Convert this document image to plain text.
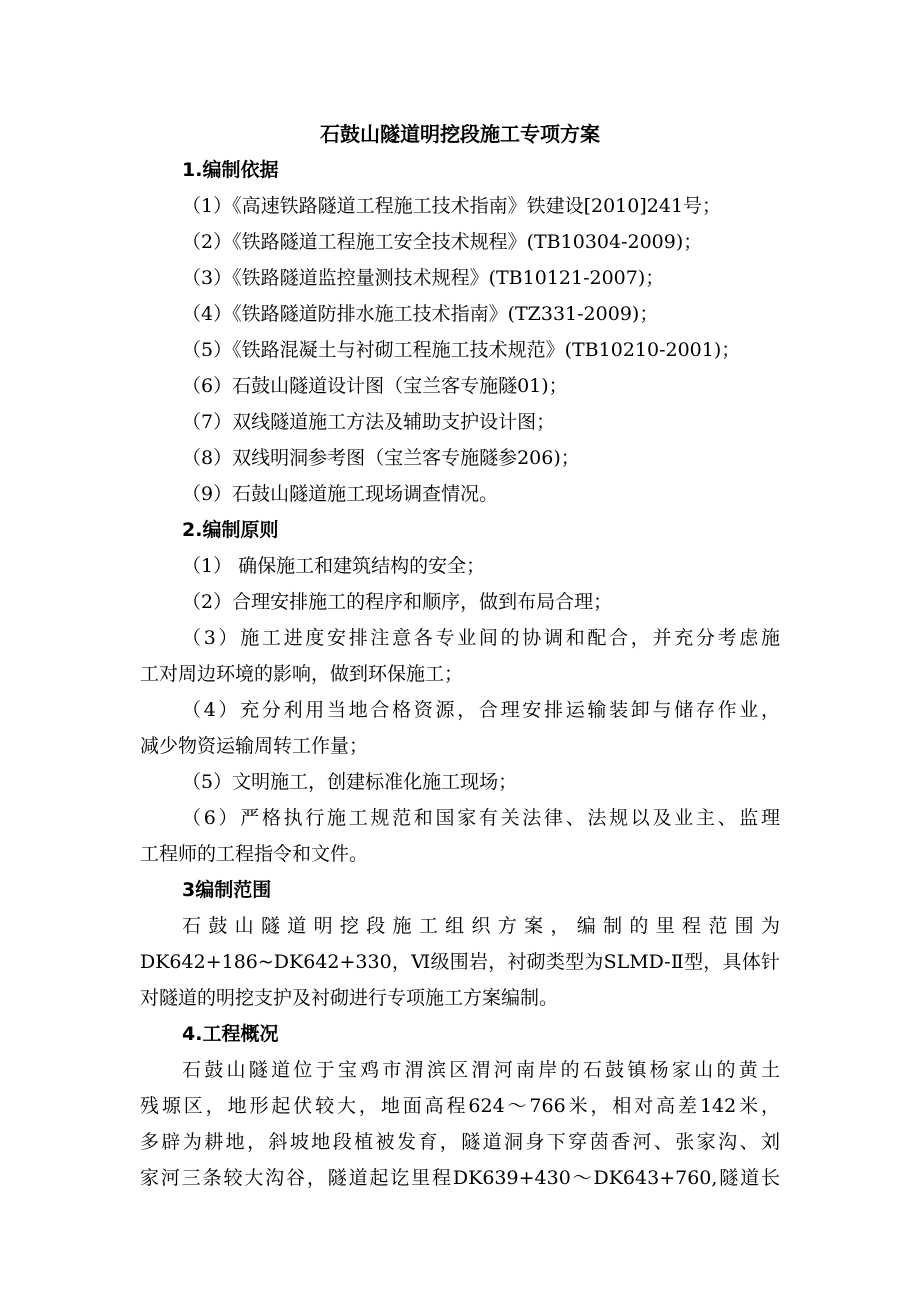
石鼓山隧道明挖段施工专项方案
1.编制依据
（1）《高速铁路隧道工程施工技术指南》铁建设[2010]241号；
（2）《铁路隧道工程施工安全技术规程》(TB10304-2009)；
（3）《铁路隧道监控量测技术规程》(TB10121-2007)；
（4）《铁路隧道防排水施工技术指南》(TZ331-2009)；
（5）《铁路混凝土与衬砌工程施工技术规范》(TB10210-2001)；
（6）石鼓山隧道设计图（宝兰客专施隧01)；
（7）双线隧道施工方法及辅助支护设计图；
（8）双线明洞参考图（宝兰客专施隧参206)；
（9）石鼓山隧道施工现场调查情况。
2.编制原则
（1） 确保施工和建筑结构的安全；
（2）合理安排施工的程序和顺序，做到布局合理；
（3）施工进度安排注意各专业间的协调和配合，并充分考虑施
工对周边环境的影响，做到环保施工；
（4）充分利用当地合格资源，合理安排运输装卸与储存作业，
减少物资运输周转工作量；
（5）文明施工，创建标准化施工现场；
（6）严格执行施工规范和国家有关法律、法规以及业主、监理
工程师的工程指令和文件。
3编制范围
石鼓山隧道明挖段施工组织方案，编制的里程范围为
DK642+186~DK642+330，Ⅵ级围岩，衬砌类型为SLMD-Ⅱ型，具体针
对隧道的明挖支护及衬砌进行专项施工方案编制。
4.工程概况
石鼓山隧道位于宝鸡市渭滨区渭河南岸的石鼓镇杨家山的黄土
残塬区，地形起伏较大，地面高程624～766米，相对高差142米，
多辟为耕地，斜坡地段植被发育，隧道洞身下穿茵香河、张家沟、刘
家河三条较大沟谷，隧道起讫里程DK639+430～DK643+760,隧道长
